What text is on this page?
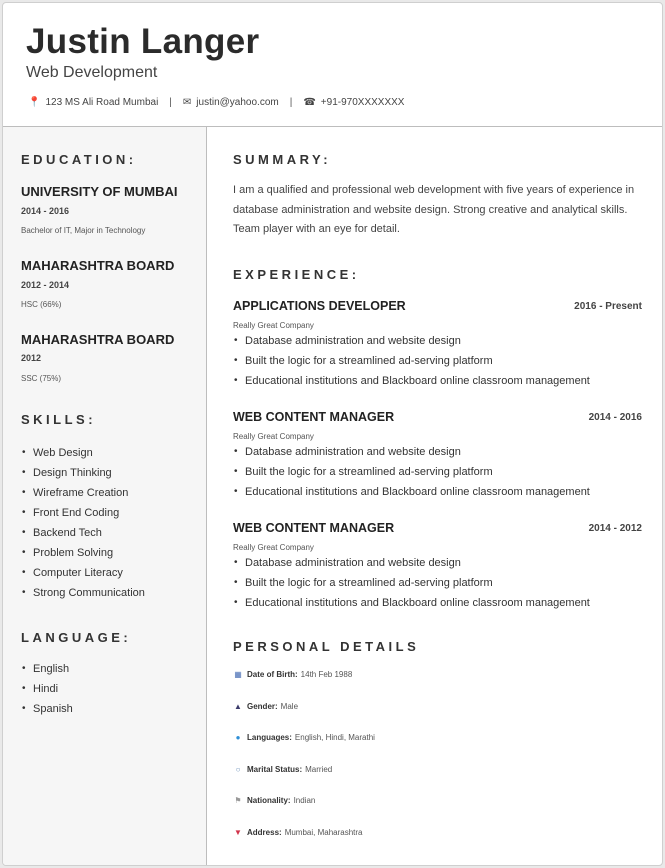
Justin Langer
Web Development
📍 123 MS Ali Road Mumbai | ✉ justin@yahoo.com | ☎ +91-970XXXXXXX
EDUCATION:
UNIVERSITY OF MUMBAI
2014 - 2016
Bachelor of IT, Major in Technology
MAHARASHTRA BOARD
2012 - 2014
HSC (66%)
MAHARASHTRA BOARD
2012
SSC (75%)
SKILLS:
• Web Design
• Design Thinking
• Wireframe Creation
• Front End Coding
• Backend Tech
• Problem Solving
• Computer Literacy
• Strong Communication
LANGUAGE:
• English
• Hindi
• Spanish
SUMMARY:
I am a qualified and professional web development with five years of experience in database administration and website design. Strong creative and analytical skills. Team player with an eye for detail.
EXPERIENCE:
APPLICATIONS DEVELOPER	2016 - Present
Really Great Company
• Database administration and website design
• Built the logic for a streamlined ad-serving platform
• Educational institutions and Blackboard online classroom management
WEB CONTENT MANAGER	2014 - 2016
Really Great Company
• Database administration and website design
• Built the logic for a streamlined ad-serving platform
• Educational institutions and Blackboard online classroom management
WEB CONTENT MANAGER	2014 - 2012
Really Great Company
• Database administration and website design
• Built the logic for a streamlined ad-serving platform
• Educational institutions and Blackboard online classroom management
PERSONAL DETAILS
▦ Date of Birth: 14th Feb 1988
▲ Gender: Male
● Languages: English, Hindi, Marathi
○ Marital Status: Married
⚑ Nationality: Indian
▼ Address: Mumbai, Maharashtra
